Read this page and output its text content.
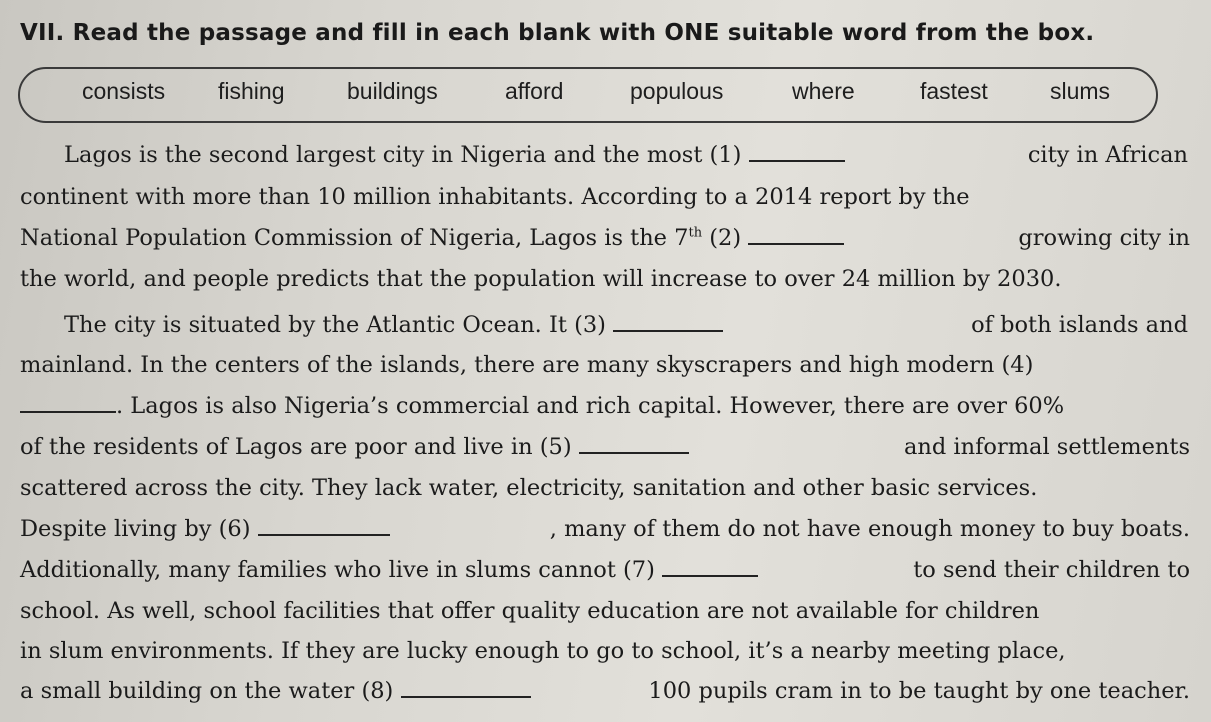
VII. Read the passage and fill in each blank with ONE suitable word from the box.
consists fishing	buildings	afford	populous	where	fastest	slums
Lagos is the second largest city in Nigeria and the most (1)	city in African
continent with more than 10 million inhabitants. According to a 2014 report by the
National Population Commission of Nigeria, Lagos is the 7th (2)	growing city in
the world, and people predicts that the population will increase to over 24 million by 2030.
The city is situated by the Atlantic Ocean. It (3)	of both islands and
mainland. In the centers of the islands, there are many skyscrapers and high modern (4)
. Lagos is also Nigeria’s commercial and rich capital. However, there are over 60%
of the residents of Lagos are poor and live in (5)	and informal settlements
scattered across the city. They lack water, electricity, sanitation and other basic services.
Despite living by (6)	, many of them do not have enough money to buy boats.
Additionally, many families who live in slums cannot (7)	to send their children to
school. As well, school facilities that offer quality education are not available for children
in slum environments. If they are lucky enough to go to school, it’s a nearby meeting place,
a small building on the water (8)	100 pupils cram in to be taught by one teacher.
